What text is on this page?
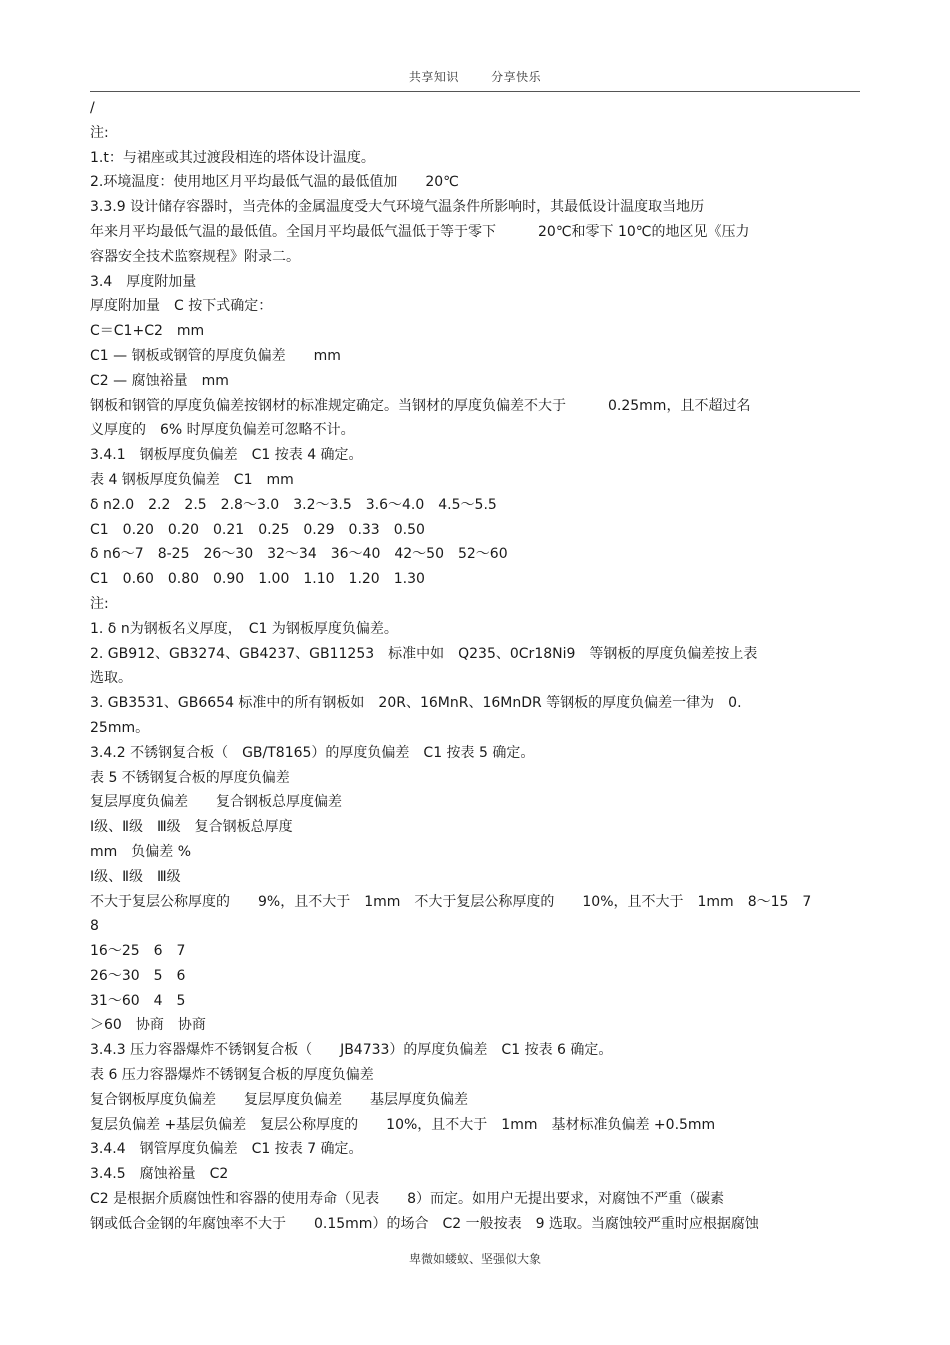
共享知识	分享快乐
/
注:
1.t：与裙座或其过渡段相连的塔体设计温度。
2.环境温度：使用地区月平均最低气温的最低值加　　20℃
3.3.9 设计储存容器时，当壳体的金属温度受大气环境气温条件所影响时，其最低设计温度取当地历
年来月平均最低气温的最低值。全国月平均最低气温低于等于零下　　　20℃和零下 10℃的地区见《压力
容器安全技术监察规程》附录二。
3.4　厚度附加量
厚度附加量　C 按下式确定：
C＝C1+C2　mm
C1 — 钢板或钢管的厚度负偏差　　mm
C2 — 腐蚀裕量　mm
钢板和钢管的厚度负偏差按钢材的标准规定确定。当钢材的厚度负偏差不大于　　　0.25mm，且不超过名
义厚度的　6% 时厚度负偏差可忽略不计。
3.4.1　钢板厚度负偏差　C1 按表 4 确定。
表 4 钢板厚度负偏差　C1　mm
δ n2.0　2.2　2.5　2.8～3.0　3.2～3.5　3.6～4.0　4.5～5.5
C1　0.20　0.20　0.21　0.25　0.29　0.33　0.50
δ n6～7　8-25　26～30　32～34　36～40　42～50　52～60
C1　0.60　0.80　0.90　1.00　1.10　1.20　1.30
注:
1. δ n为钢板名义厚度，　C1 为钢板厚度负偏差。
2. GB912、GB3274、GB4237、GB11253　标准中如　Q235、0Cr18Ni9　等钢板的厚度负偏差按上表
选取。
3. GB3531、GB6654 标准中的所有钢板如　20R、16MnR、16MnDR 等钢板的厚度负偏差一律为　0.
25mm。
3.4.2 不锈钢复合板（　GB/T8165）的厚度负偏差　C1 按表 5 确定。
表 5 不锈钢复合板的厚度负偏差
复层厚度负偏差　　复合钢板总厚度偏差
Ⅰ级、Ⅱ级　Ⅲ级　复合钢板总厚度
mm　负偏差 %
Ⅰ级、Ⅱ级　Ⅲ级
不大于复层公称厚度的　　9%，且不大于　1mm　不大于复层公称厚度的　　10%，且不大于　1mm　8～15　7
8
16～25　6　7
26～30　5　6
31～60　4　5
＞60　协商　协商
3.4.3 压力容器爆炸不锈钢复合板（　　JB4733）的厚度负偏差　C1 按表 6 确定。
表 6 压力容器爆炸不锈钢复合板的厚度负偏差
复合钢板厚度负偏差　　复层厚度负偏差　　基层厚度负偏差
复层负偏差 +基层负偏差　复层公称厚度的　　10%，且不大于　1mm　基材标准负偏差 +0.5mm
3.4.4　钢管厚度负偏差　C1 按表 7 确定。
3.4.5　腐蚀裕量　C2
C2 是根据介质腐蚀性和容器的使用寿命（见表　　8）而定。如用户无提出要求，对腐蚀不严重（碳素
钢或低合金钢的年腐蚀率不大于　　0.15mm）的场合　C2 一般按表　9 选取。当腐蚀较严重时应根据腐蚀
卑微如蝼蚁、坚强似大象
